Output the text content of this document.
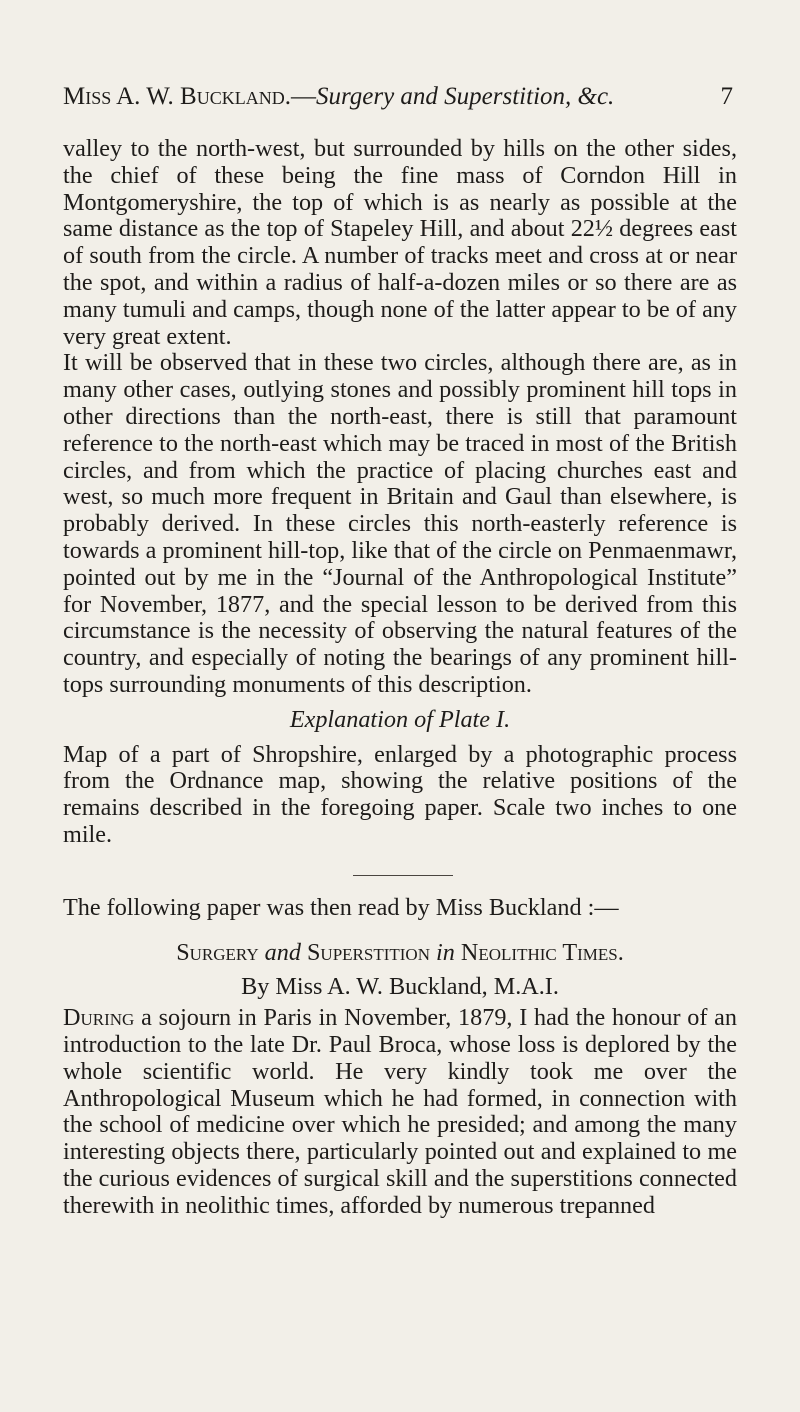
Miss A. W. Buckland.—Surgery and Superstition, &c.	7

valley to the north-west, but surrounded by hills on the other sides, the chief of these being the fine mass of Corndon Hill in Montgomeryshire, the top of which is as nearly as possible at the same distance as the top of Stapeley Hill, and about 22½ degrees east of south from the circle. A number of tracks meet and cross at or near the spot, and within a radius of half-a-dozen miles or so there are as many tumuli and camps, though none of the latter appear to be of any very great extent.

It will be observed that in these two circles, although there are, as in many other cases, outlying stones and possibly prominent hill tops in other directions than the north-east, there is still that paramount reference to the north-east which may be traced in most of the British circles, and from which the practice of placing churches east and west, so much more frequent in Britain and Gaul than elsewhere, is probably derived. In these circles this north-easterly reference is towards a prominent hill-top, like that of the circle on Penmaenmawr, pointed out by me in the “Journal of the Anthropological Institute” for November, 1877, and the special lesson to be derived from this circumstance is the necessity of observing the natural features of the country, and especially of noting the bearings of any prominent hill-tops surrounding monuments of this description.

Explanation of Plate I.

Map of a part of Shropshire, enlarged by a photographic process from the Ordnance map, showing the relative positions of the remains described in the foregoing paper. Scale two inches to one mile.

The following paper was then read by Miss Buckland :—

Surgery and Superstition in Neolithic Times.

By Miss A. W. Buckland, M.A.I.

During a sojourn in Paris in November, 1879, I had the honour of an introduction to the late Dr. Paul Broca, whose loss is deplored by the whole scientific world. He very kindly took me over the Anthropological Museum which he had formed, in connection with the school of medicine over which he presided; and among the many interesting objects there, particularly pointed out and explained to me the curious evidences of surgical skill and the superstitions connected therewith in neolithic times, afforded by numerous trepanned
